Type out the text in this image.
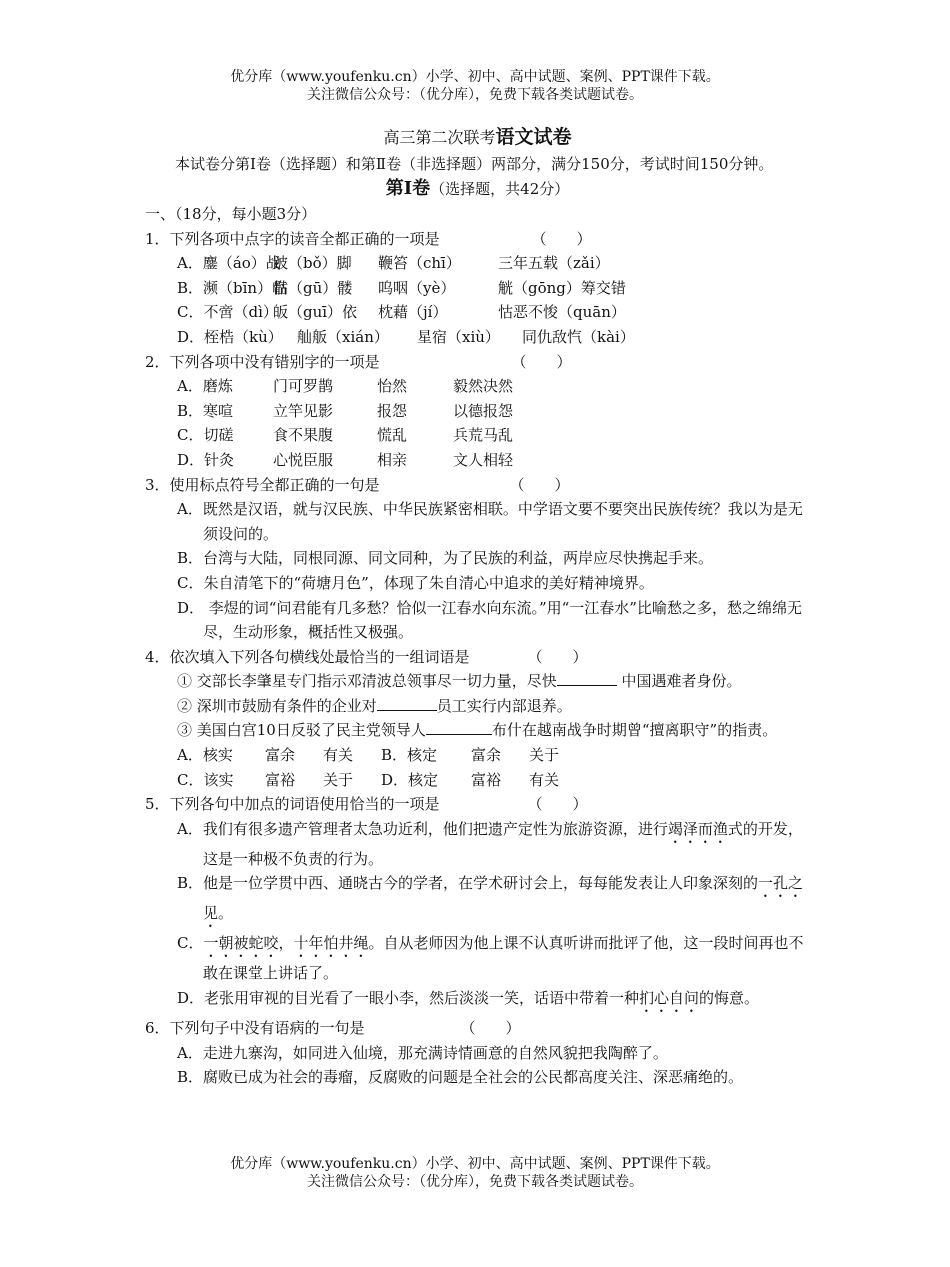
优分库（www.youfenku.cn）小学、初中、高中试题、案例、PPT课件下载。
关注微信公众号：（优分库），免费下载各类试题试卷。
高三第二次联考语文试卷
本试卷分第Ⅰ卷（选择题）和第Ⅱ卷（非选择题）两部分，满分150分，考试时间150分钟。
第Ⅰ卷（选择题，共42分）
一、（18分，每小题3分）
1．下列各项中点字的读音全都正确的一项是	（　　）
A．鏖（áo）战跛（bǒ）脚 鞭笞（chī） 三年五载（zǎi）
B．濒（bīn）临骷（gū）髅 呜咽（yè）	觥（gōng）筹交错
C．不啻（dì）皈（guī）依 枕藉（jí）	怙恶不悛（quān）
D．桎梏（kù） 舢舨（xián） 星宿（xiù） 同仇敌忾（kài）
2．下列各项中没有错别字的一项是	（　　）
A．磨炼	门可罗鹊	怡然	毅然决然
B．寒喧	立竿见影	报怨	以德报怨
C．切磋	食不果腹	慌乱	兵荒马乱
D．针灸	心悦臣服	相亲	文人相轻
3．使用标点符号全都正确的一句是	（　　）
A．既然是汉语，就与汉民族、中华民族紧密相联。中学语文要不要突出民族传统？我以为是无须设问的。
B．台湾与大陆，同根同源、同文同种，为了民族的利益，两岸应尽快携起手来。
C．朱自清笔下的“荷塘月色”，体现了朱自清心中追求的美好精神境界。
D． 李煜的词“问君能有几多愁？恰似一江春水向东流。”用“一江春水”比喻愁之多，愁之绵绵无尽，生动形象，概括性又极强。
4．依次填入下列各句横线处最恰当的一组词语是	（　　）
① 交部长李肇星专门指示邓清波总领事尽一切力量，尽快	中国遇难者身份。
② 深圳市鼓励有条件的企业对	员工实行内部退养。
③ 美国白宫10日反驳了民主党领导人	布什在越南战争时期曾“擅离职守”的指责。
A．核实 富余 有关 B．核定 富余 关于
C．该实 富裕 关于 D．核定 富裕 有关
5．下列各句中加点的词语使用恰当的一项是	（　　）
A．我们有很多遗产管理者太急功近利，他们把遗产定性为旅游资源，进行竭泽而渔式的开发，这是一种极不负责的行为。
B．他是一位学贯中西、通晓古今的学者，在学术研讨会上，每每能发表让人印象深刻的一孔之见。
C．一朝被蛇咬，十年怕井绳。自从老师因为他上课不认真听讲而批评了他，这一段时间再也不敢在课堂上讲话了。
D．老张用审视的目光看了一眼小李，然后淡淡一笑，话语中带着一种扪心自问的悔意。
6．下列句子中没有语病的一句是	（　　）
A．走进九寨沟，如同进入仙境，那充满诗情画意的自然风貌把我陶醉了。
B．腐败已成为社会的毒瘤，反腐败的问题是全社会的公民都高度关注、深恶痛绝的。
优分库（www.youfenku.cn）小学、初中、高中试题、案例、PPT课件下载。
关注微信公众号：（优分库），免费下载各类试题试卷。
